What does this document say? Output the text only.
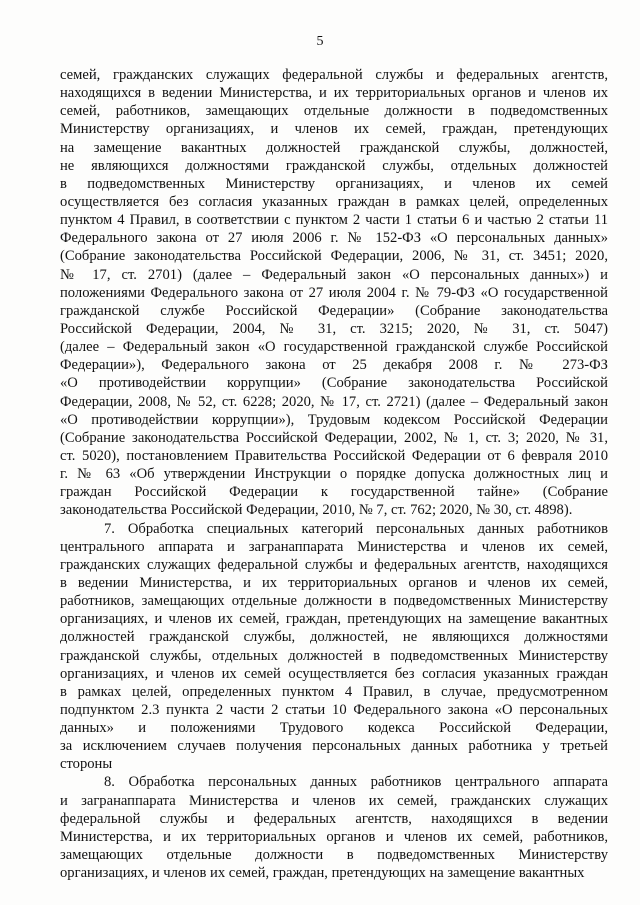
5
семей, гражданских служащих федеральной службы и федеральных агентств,
находящихся в ведении Министерства, и их территориальных органов и членов их
семей, работников, замещающих отдельные должности в подведомственных
Министерству организациях, и членов их семей, граждан, претендующих
на замещение вакантных должностей гражданской службы, должностей,
не являющихся должностями гражданской службы, отдельных должностей
в подведомственных Министерству организациях, и членов их семей
осуществляется без согласия указанных граждан в рамках целей, определенных
пунктом 4 Правил, в соответствии с пунктом 2 части 1 статьи 6 и частью 2 статьи 11
Федерального закона от 27 июля 2006 г. № 152-ФЗ «О персональных данных»
(Собрание законодательства Российской Федерации, 2006, № 31, ст. 3451; 2020,
№ 17, ст. 2701) (далее – Федеральный закон «О персональных данных») и
положениями Федерального закона от 27 июля 2004 г. № 79-ФЗ «О государственной
гражданской службе Российской Федерации» (Собрание законодательства
Российской Федерации, 2004, № 31, ст. 3215; 2020, № 31, ст. 5047)
(далее – Федеральный закон «О государственной гражданской службе Российской
Федерации»), Федерального закона от 25 декабря 2008 г. № 273-ФЗ
«О противодействии коррупции» (Собрание законодательства Российской
Федерации, 2008, № 52, ст. 6228; 2020, № 17, ст. 2721) (далее – Федеральный закон
«О противодействии коррупции»), Трудовым кодексом Российской Федерации
(Собрание законодательства Российской Федерации, 2002, № 1, ст. 3; 2020, № 31,
ст. 5020), постановлением Правительства Российской Федерации от 6 февраля 2010
г. № 63 «Об утверждении Инструкции о порядке допуска должностных лиц и
граждан Российской Федерации к государственной тайне» (Собрание
законодательства Российской Федерации, 2010, № 7, ст. 762; 2020, № 30, ст. 4898).
7. Обработка специальных категорий персональных данных работников
центрального аппарата и загранаппарата Министерства и членов их семей,
гражданских служащих федеральной службы и федеральных агентств, находящихся
в ведении Министерства, и их территориальных органов и членов их семей,
работников, замещающих отдельные должности в подведомственных Министерству
организациях, и членов их семей, граждан, претендующих на замещение вакантных
должностей гражданской службы, должностей, не являющихся должностями
гражданской службы, отдельных должностей в подведомственных Министерству
организациях, и членов их семей осуществляется без согласия указанных граждан
в рамках целей, определенных пунктом 4 Правил, в случае, предусмотренном
подпунктом 2.3 пункта 2 части 2 статьи 10 Федерального закона «О персональных
данных» и положениями Трудового кодекса Российской Федерации,
за исключением случаев получения персональных данных работника у третьей
стороны
8. Обработка персональных данных работников центрального аппарата
и загранаппарата Министерства и членов их семей, гражданских служащих
федеральной службы и федеральных агентств, находящихся в ведении
Министерства, и их территориальных органов и членов их семей, работников,
замещающих отдельные должности в подведомственных Министерству
организациях, и членов их семей, граждан, претендующих на замещение вакантных
